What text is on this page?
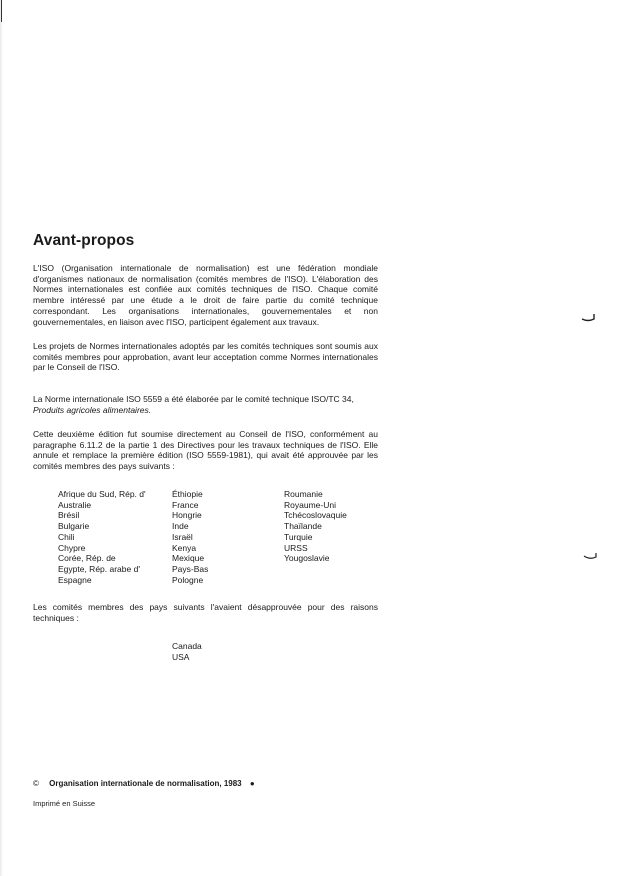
Avant-propos

L'ISO (Organisation internationale de normalisation) est une fédération mondiale d'organismes nationaux de normalisation (comités membres de l'ISO). L'élaboration des Normes internationales est confiée aux comités techniques de l'ISO. Chaque comité membre intéressé par une étude a le droit de faire partie du comité technique correspondant. Les organisations internationales, gouvernementales et non gouvernementales, en liaison avec l'ISO, participent également aux travaux.

Les projets de Normes internationales adoptés par les comités techniques sont soumis aux comités membres pour approbation, avant leur acceptation comme Normes internationales par le Conseil de l'ISO.

La Norme internationale ISO 5559 a été élaborée par le comité technique ISO/TC 34,
Produits agricoles alimentaires.

Cette deuxième édition fut soumise directement au Conseil de l'ISO, conformément au paragraphe 6.11.2 de la partie 1 des Directives pour les travaux techniques de l'ISO. Elle annule et remplace la première édition (ISO 5559-1981), qui avait été approuvée par les comités membres des pays suivants :

Afrique du Sud, Rép. d'
Australie
Brésil
Bulgarie
Chili
Chypre
Corée, Rép. de
Egypte, Rép. arabe d'
Espagne
Éthiopie
France
Hongrie
Inde
Israël
Kenya
Mexique
Pays-Bas
Pologne
Roumanie
Royaume-Uni
Tchécoslovaquie
Thaïlande
Turquie
URSS
Yougoslavie

Les comités membres des pays suivants l'avaient désapprouvée pour des raisons techniques :

Canada
USA
© Organisation internationale de normalisation, 1983 ●
Imprimé en Suisse
